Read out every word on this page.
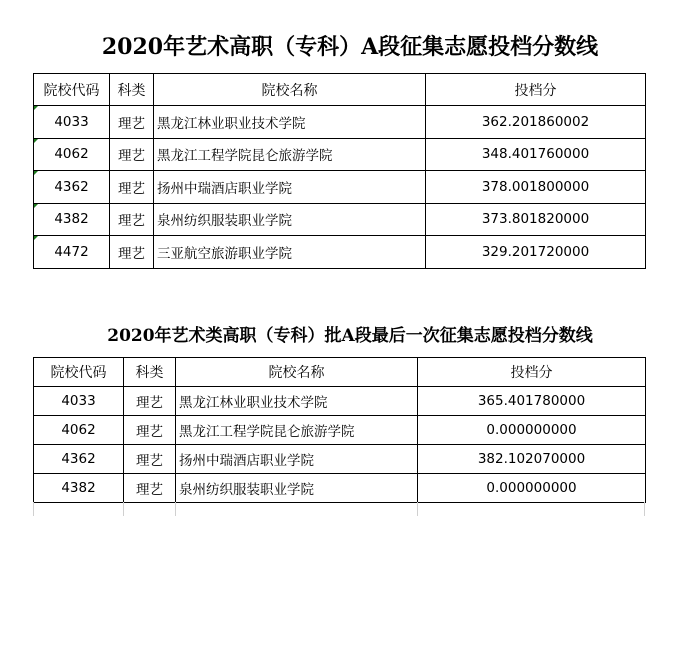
2020年艺术高职（专科）A段征集志愿投档分数线
院校代码	科类	院校名称	投档分
4033	理艺	黑龙江林业职业技术学院	362.201860002
4062	理艺	黑龙江工程学院昆仑旅游学院	348.401760000
4362	理艺	扬州中瑞酒店职业学院	378.001800000
4382	理艺	泉州纺织服装职业学院	373.801820000
4472	理艺	三亚航空旅游职业学院	329.201720000
2020年艺术类高职（专科）批A段最后一次征集志愿投档分数线
院校代码	科类	院校名称	投档分
4033	理艺	黑龙江林业职业技术学院	365.401780000
4062	理艺	黑龙江工程学院昆仑旅游学院	0.000000000
4362	理艺	扬州中瑞酒店职业学院	382.102070000
4382	理艺	泉州纺织服装职业学院	0.000000000
